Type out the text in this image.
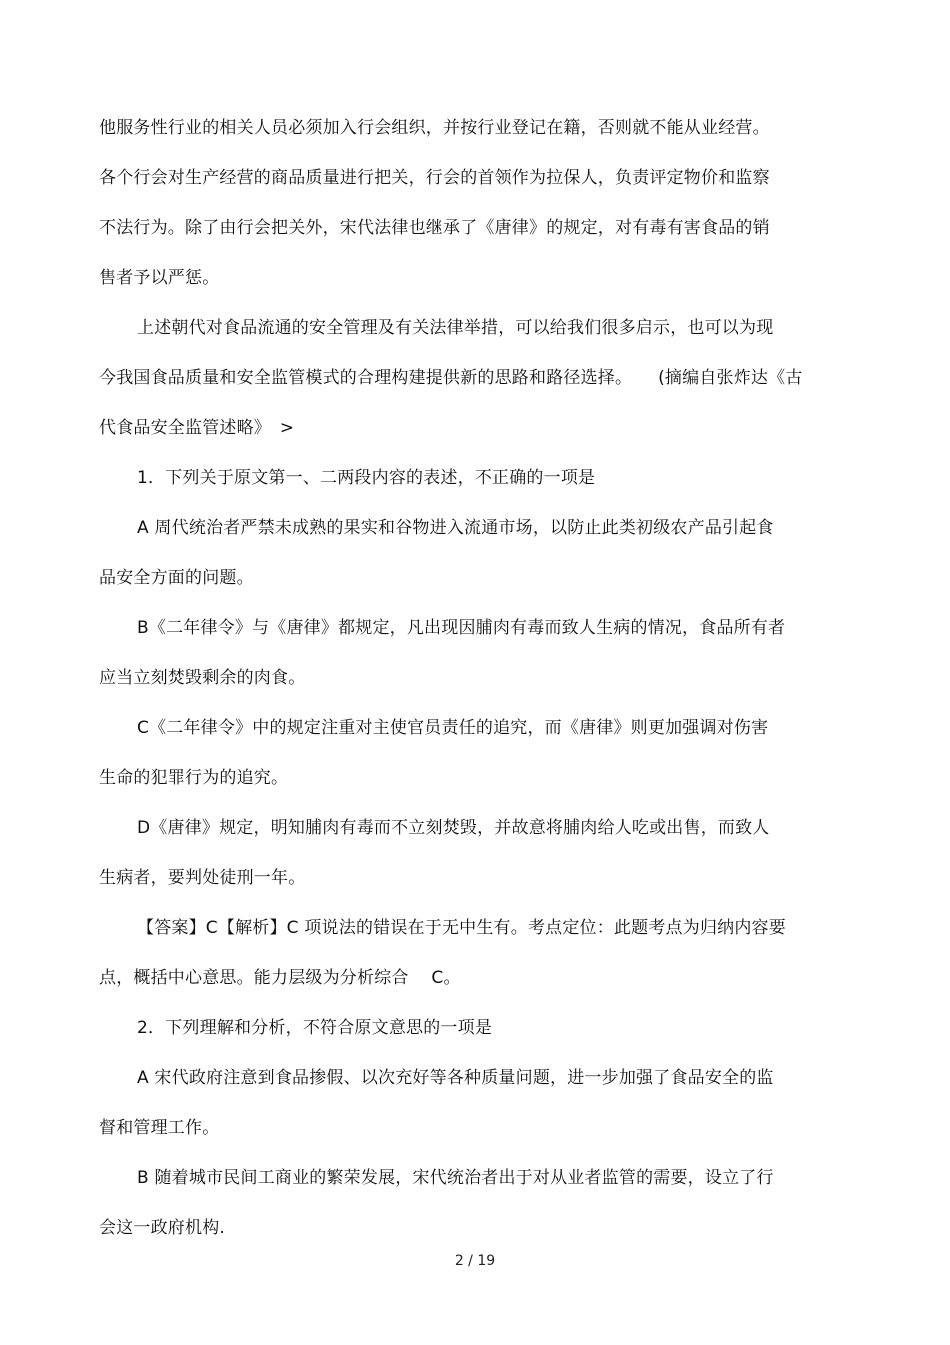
他服务性行业的相关人员必须加入行会组织，并按行业登记在籍，否则就不能从业经营。
各个行会对生产经营的商品质量进行把关，行会的首领作为拉保人，负责评定物价和监察
不法行为。除了由行会把关外，宋代法律也继承了《唐律》的规定，对有毒有害食品的销
售者予以严惩。
上述朝代对食品流通的安全管理及有关法律举措，可以给我们很多启示，也可以为现
今我国食品质量和安全监管模式的合理构建提供新的思路和路径选择。　　(摘编自张炸达《古
代食品安全监管述略》　>
1．下列关于原文第一、二两段内容的表述，不正确的一项是
A 周代统治者严禁未成熟的果实和谷物进入流通市场，以防止此类初级农产品引起食
品安全方面的问题。
B《二年律令》与《唐律》都规定，凡出现因脯肉有毒而致人生病的情况，食品所有者
应当立刻焚毁剩余的肉食。
C《二年律令》中的规定注重对主使官员责任的追究，而《唐律》则更加强调对伤害
生命的犯罪行为的追究。
D《唐律》规定，明知脯肉有毒而不立刻焚毁，并故意将脯肉给人吃或出售，而致人
生病者，要判处徒刑一年。
【答案】C【解析】C 项说法的错误在于无中生有。考点定位：此题考点为归纳内容要
点，概括中心意思。能力层级为分析综合　 C。
2．下列理解和分析，不符合原文意思的一项是
A 宋代政府注意到食品掺假、以次充好等各种质量问题，进一步加强了食品安全的监
督和管理工作。
B 随着城市民间工商业的繁荣发展，宋代统治者出于对从业者监管的需要，设立了行
会这一政府机构.
2 / 19
